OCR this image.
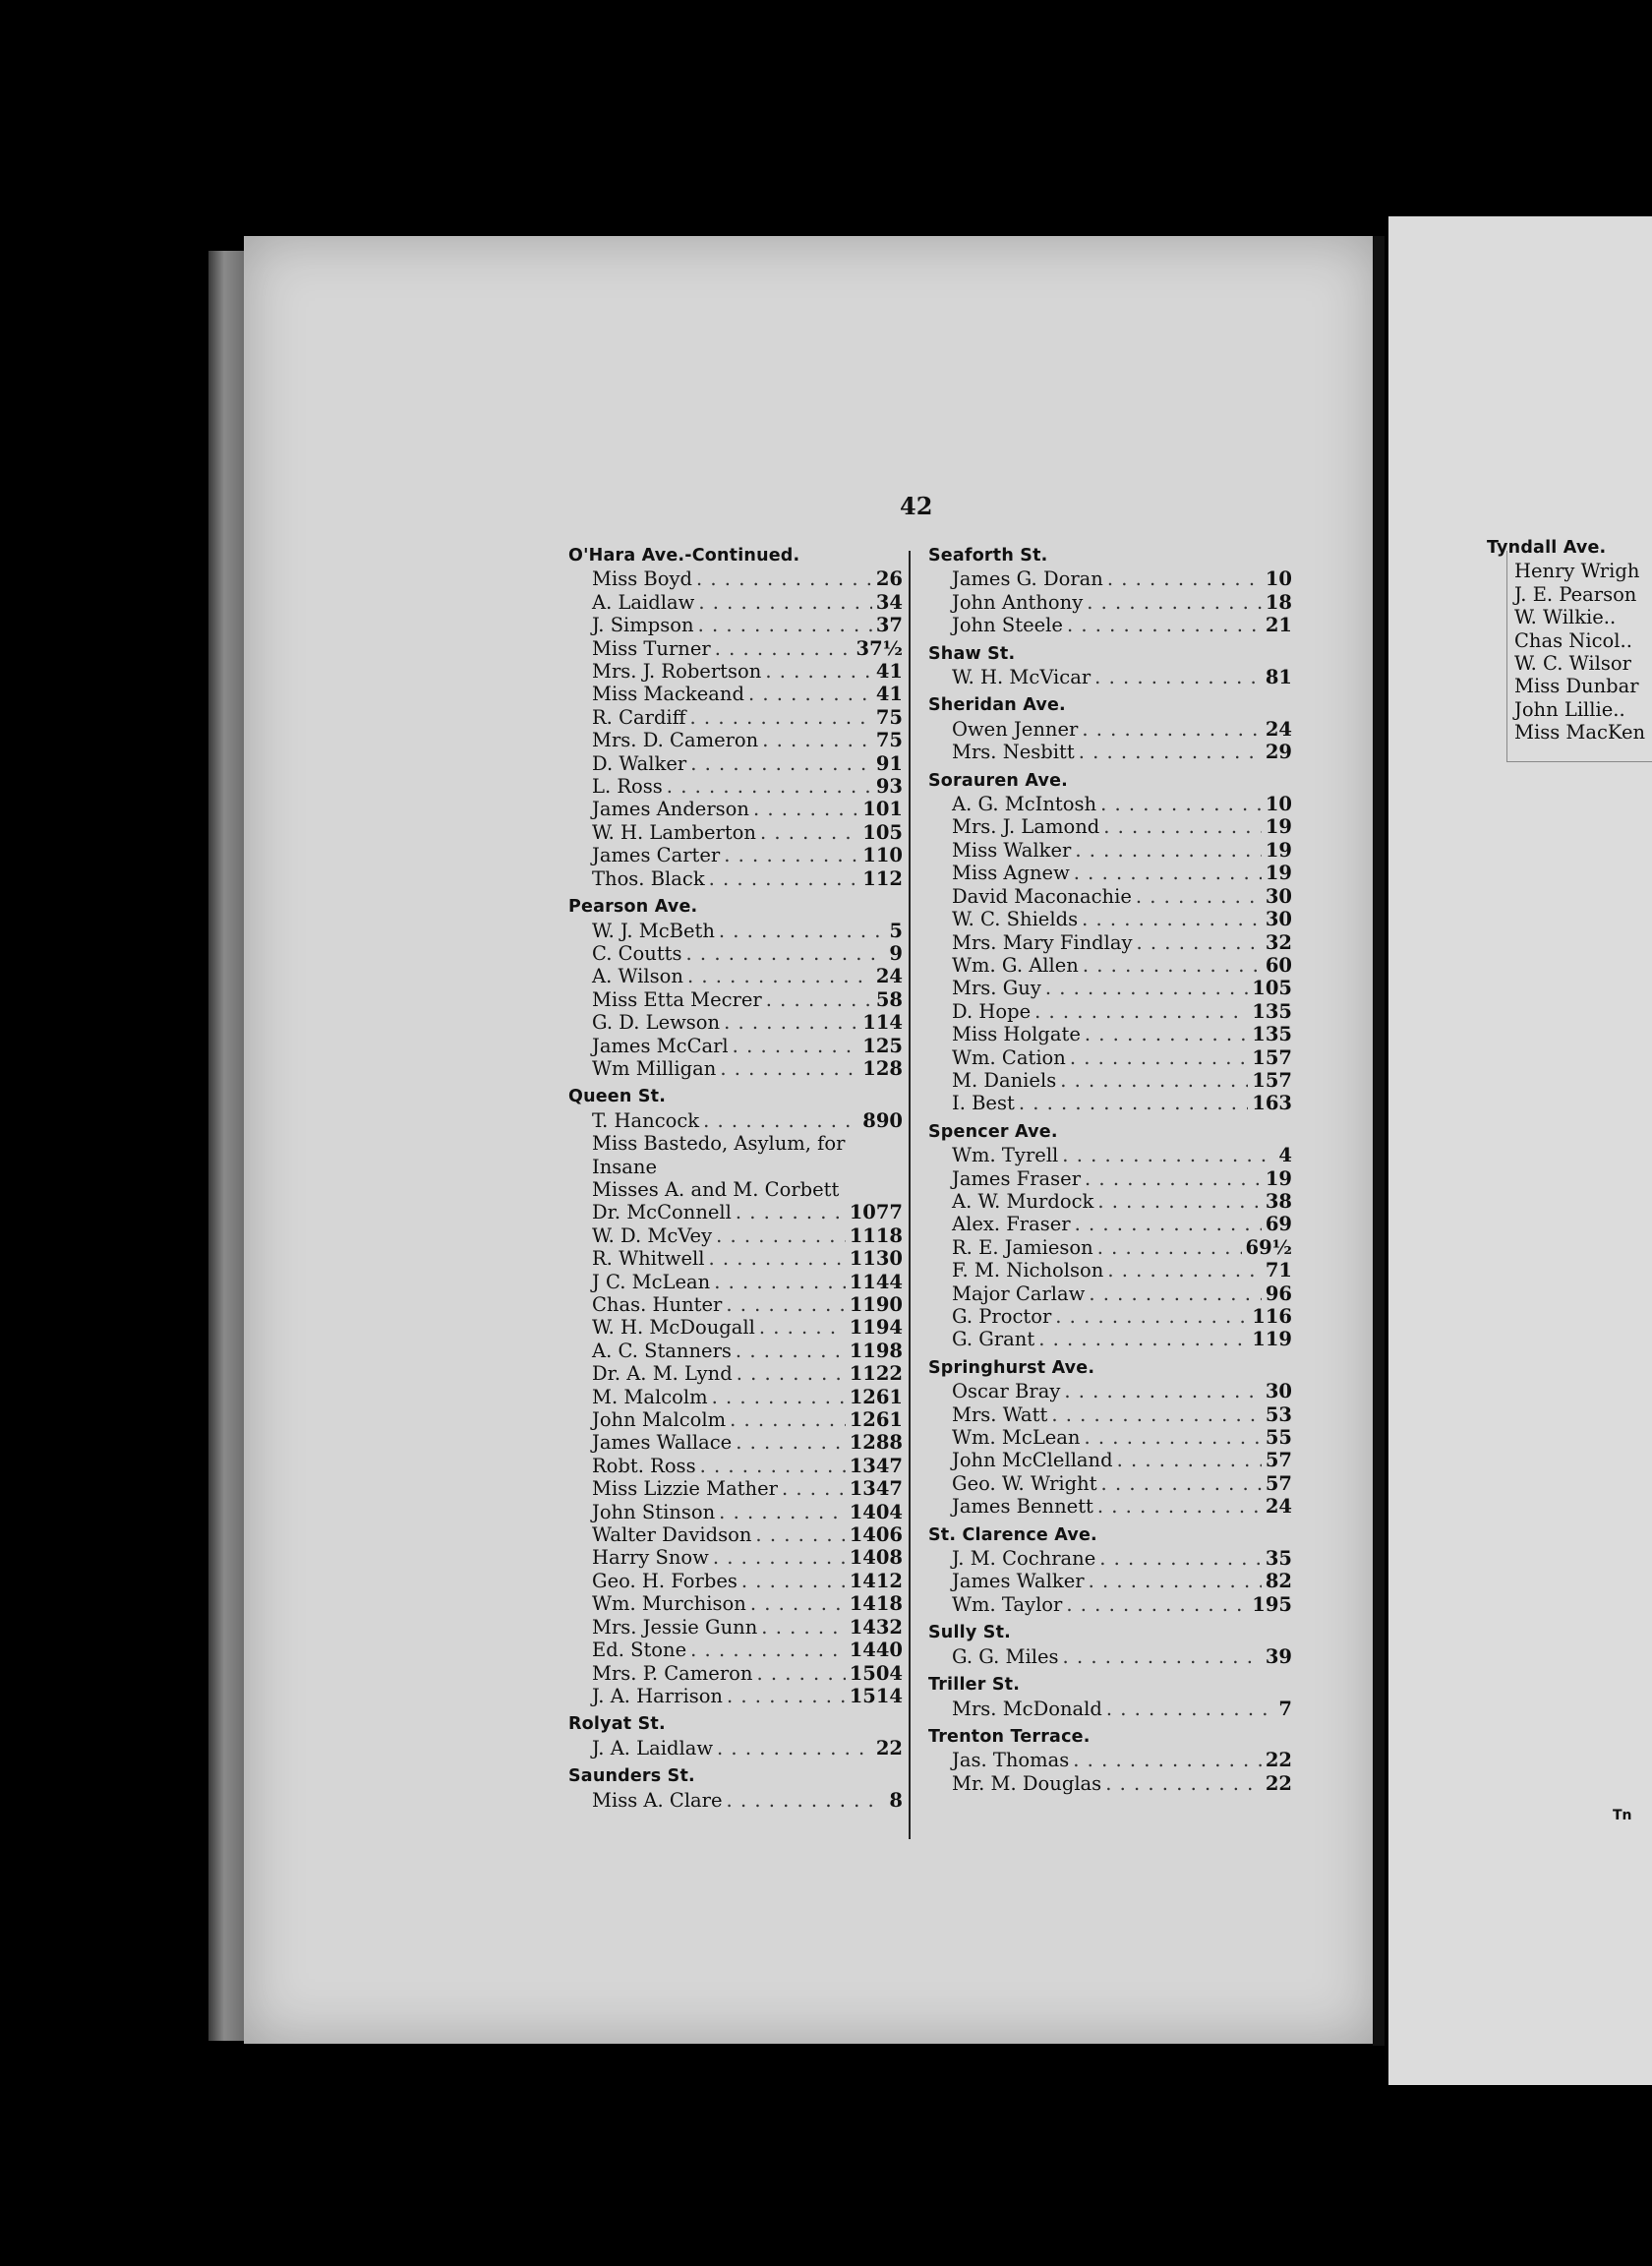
42
O'Hara Ave.-Continued.
Miss Boyd . . .	26
A. Laidlaw . . .	34
J. Simpson . . .	37
Miss Turner . . .	37½
Mrs. J. Robertson . . .	41
Miss Mackeand . . .	41
R. Cardiff . . .	75
Mrs. D. Cameron . . .	75
D. Walker . . .	91
L. Ross . . .	93
James Anderson . . .	101
W. H. Lamberton . . .	105
James Carter . . .	110
Thos. Black . . .	112
Pearson Ave.
W. J. McBeth . . .	5
C. Coutts . . .	9
A. Wilson . . .	24
Miss Etta Mecrer . . .	58
G. D. Lewson . . .	114
James McCarl . . .	125
Wm Milligan . . .	128
Queen St.
T. Hancock . . .	890
Miss Bastedo, Asylum, for
Insane
Misses A. and M. Corbett
Dr. McConnell . . .	1077
W. D. McVey . . .	1118
R. Whitwell . . .	1130
J C. McLean . . .	1144
Chas. Hunter . . .	1190
W. H. McDougall . . .	1194
A. C. Stanners . . .	1198
Dr. A. M. Lynd . . .	1122
M. Malcolm . . .	1261
John Malcolm . . .	1261
James Wallace . . .	1288
Robt. Ross . . .	1347
Miss Lizzie Mather . . .	1347
John Stinson . . .	1404
Walter Davidson . . .	1406
Harry Snow . . .	1408
Geo. H. Forbes . . .	1412
Wm. Murchison . . .	1418
Mrs. Jessie Gunn . . .	1432
Ed. Stone . . .	1440
Mrs. P. Cameron . . .	1504
J. A. Harrison . . .	1514
Rolyat St.
J. A. Laidlaw . . .	22
Saunders St.
Miss A. Clare . . .	8
Seaforth St.
James G. Doran . . .	10
John Anthony . . .	18
John Steele . . .	21
Shaw St.
W. H. McVicar . . .	81
Sheridan Ave.
Owen Jenner . . .	24
Mrs. Nesbitt . . .	29
Sorauren Ave.
A. G. McIntosh . . .	10
Mrs. J. Lamond . . .	19
Miss Walker . . .	19
Miss Agnew . . .	19
David Maconachie . . .	30
W. C. Shields . . .	30
Mrs. Mary Findlay . . .	32
Wm. G. Allen . . .	60
Mrs. Guy . . .	105
D. Hope . . .	135
Miss Holgate . . .	135
Wm. Cation . . .	157
M. Daniels . . .	157
I. Best . . .	163
Spencer Ave.
Wm. Tyrell . . .	4
James Fraser . . .	19
A. W. Murdock . . .	38
Alex. Fraser . . .	69
R. E. Jamieson . . .	69½
F. M. Nicholson . . .	71
Major Carlaw . . .	96
G. Proctor . . .	116
G. Grant . . .	119
Springhurst Ave.
Oscar Bray . . .	30
Mrs. Watt . . .	53
Wm. McLean . . .	55
John McClelland . . .	57
Geo. W. Wright . . .	57
James Bennett . . .	24
St. Clarence Ave.
J. M. Cochrane . . .	35
James Walker . . .	82
Wm. Taylor . . .	195
Sully St.
G. G. Miles . . .	39
Triller St.
Mrs. McDonald . . .	7
Trenton Terrace.
Jas. Thomas . . .	22
Mr. M. Douglas . . .	22
Tyndall Ave.
Henry Wrigh
J. E. Pearson
W. Wilkie..
Chas Nicol..
W. C. Wilsor
Miss Dunbar
John Lillie..
Miss MacKen
Tn
